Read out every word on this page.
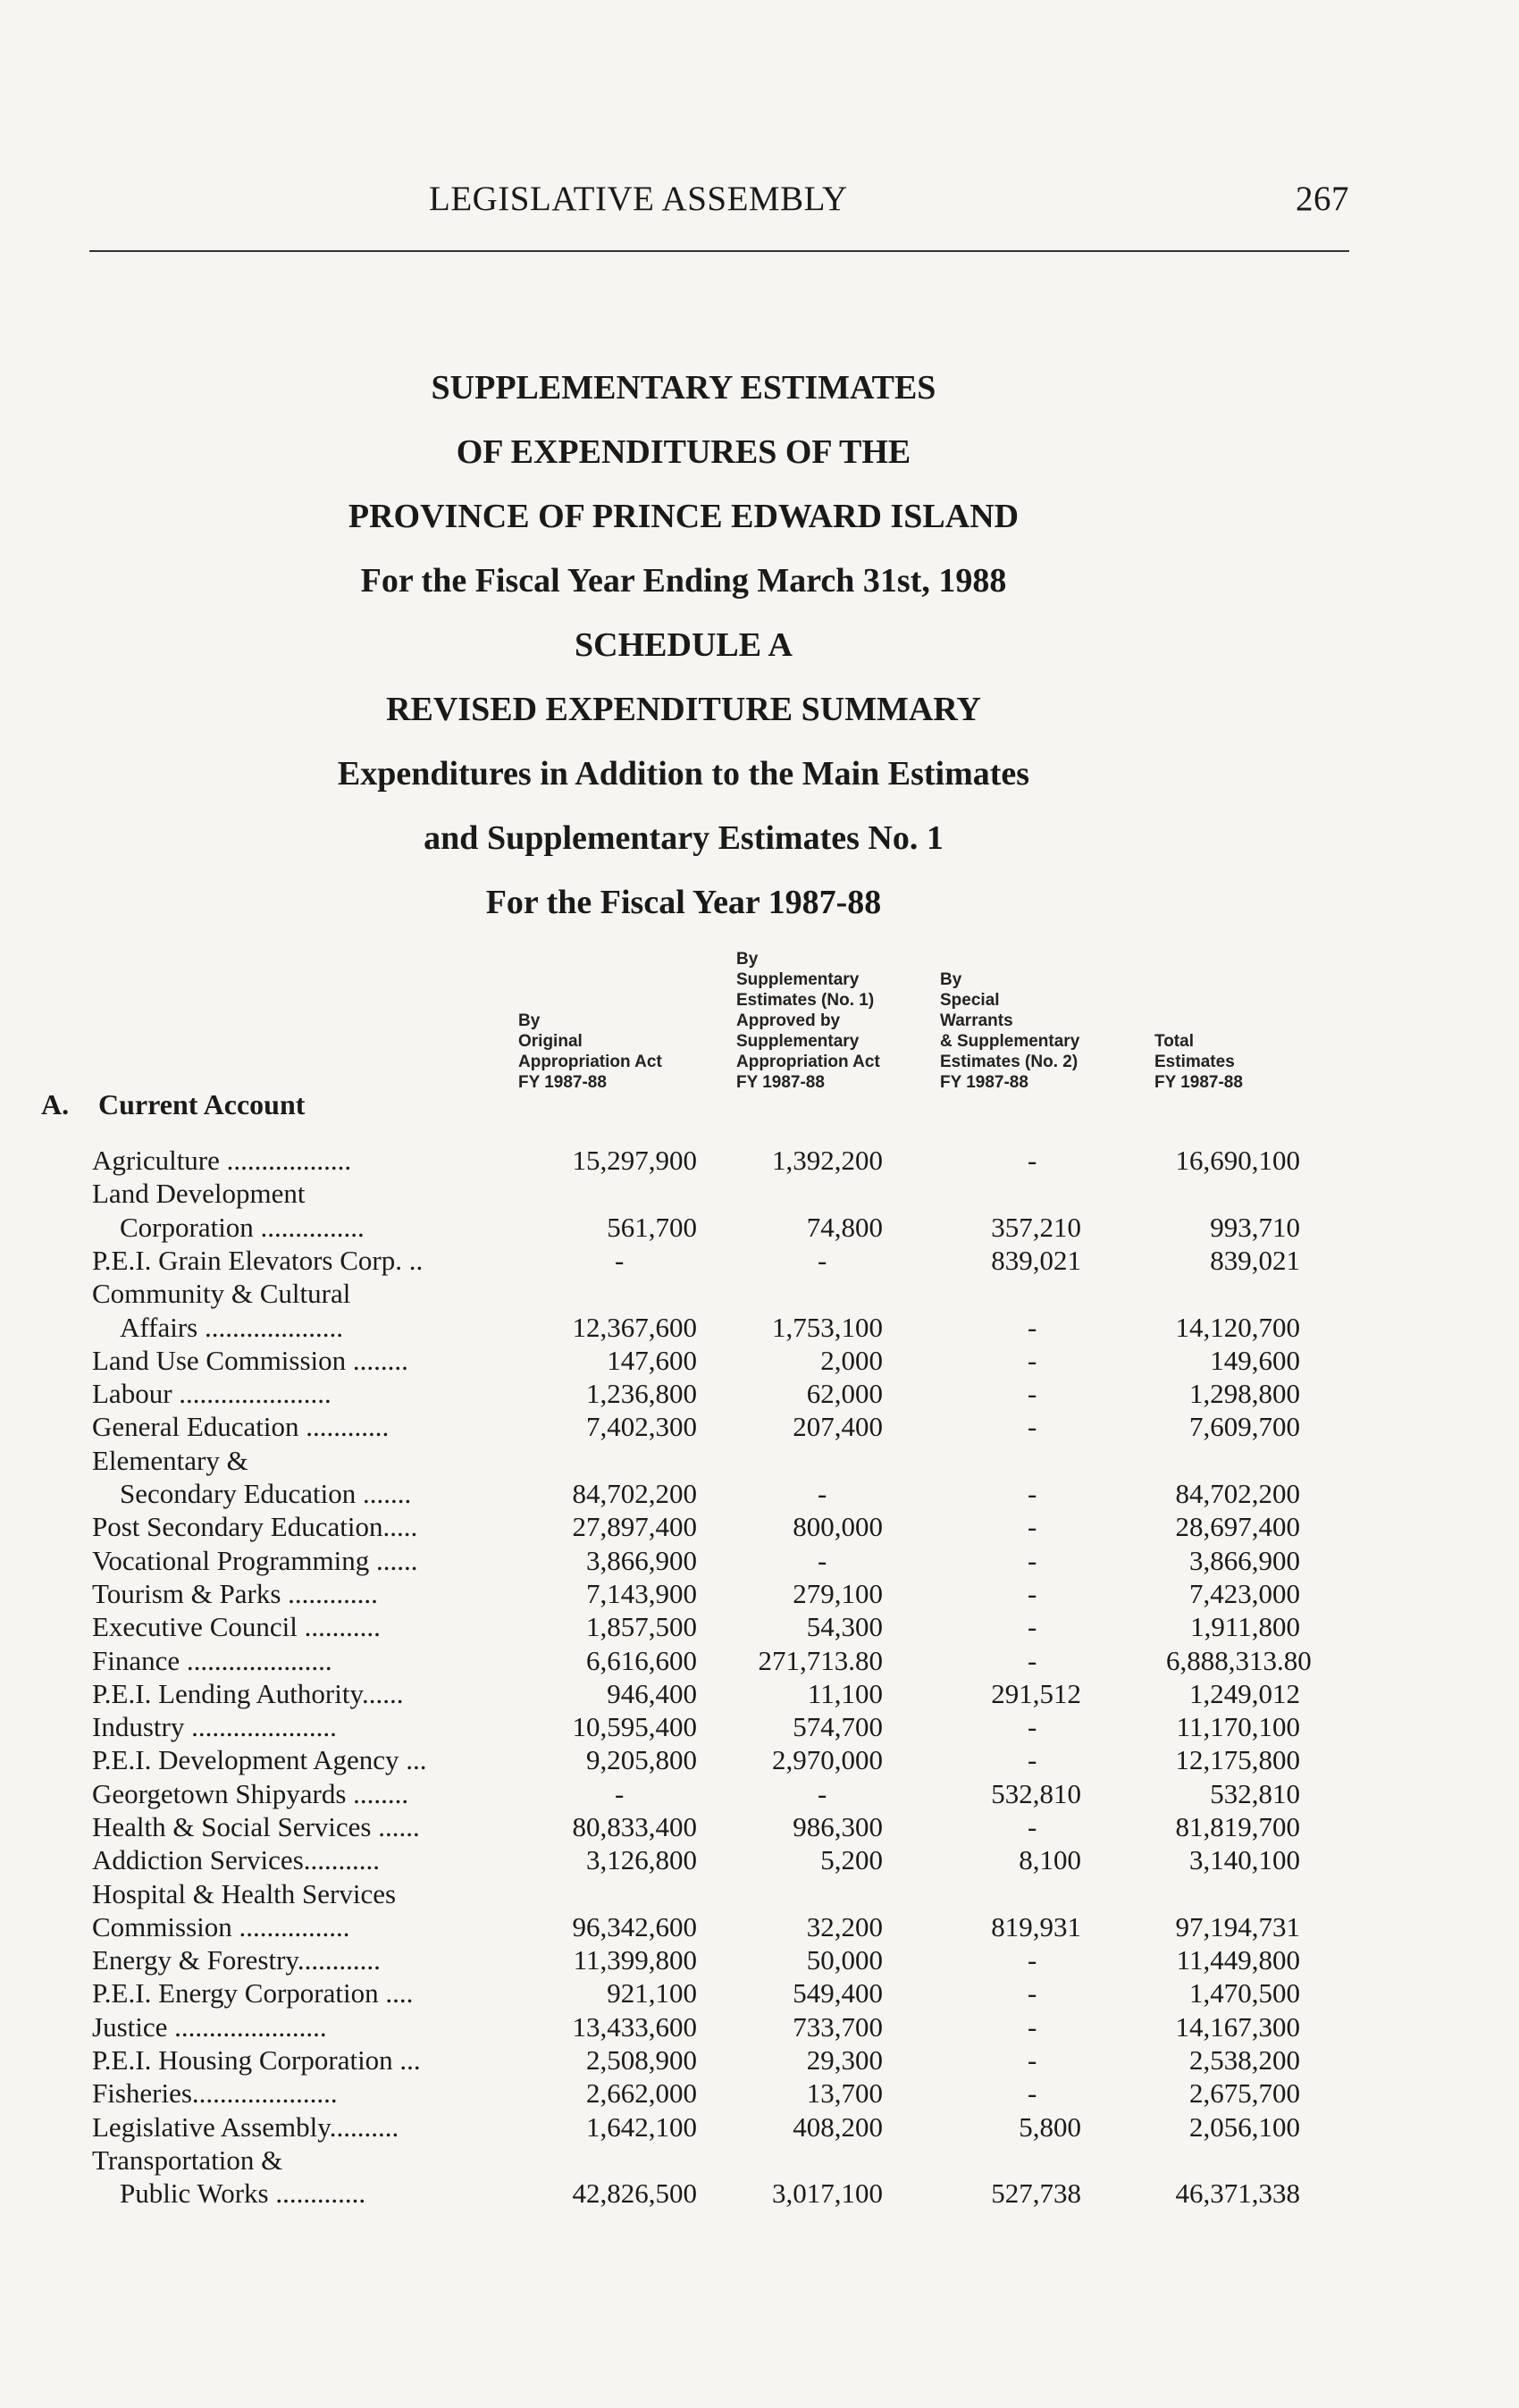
LEGISLATIVE ASSEMBLY	267
SUPPLEMENTARY ESTIMATES
OF EXPENDITURES OF THE
PROVINCE OF PRINCE EDWARD ISLAND
For the Fiscal Year Ending March 31st, 1988
SCHEDULE A
REVISED EXPENDITURE SUMMARY
Expenditures in Addition to the Main Estimates
and Supplementary Estimates No. 1
For the Fiscal Year 1987-88
By
Original
Appropriation Act
FY 1987-88
By
Supplementary
Estimates (No. 1)
Approved by
Supplementary
Appropriation Act
FY 1987-88
By
Special
Warrants
& Supplementary
Estimates (No. 2)
FY 1987-88
Total
Estimates
FY 1987-88
A. Current Account
Agriculture ..................	15,297,900	1,392,200	-	16,690,100
Land Development
Corporation ...............	561,700	74,800	357,210	993,710
P.E.I. Grain Elevators Corp. ..	-	-	839,021	839,021
Community & Cultural
Affairs ....................	12,367,600	1,753,100	-	14,120,700
Land Use Commission ........	147,600	2,000	-	149,600
Labour ......................	1,236,800	62,000	-	1,298,800
General Education ............	7,402,300	207,400	-	7,609,700
Elementary &
Secondary Education .......	84,702,200	-	-	84,702,200
Post Secondary Education.....	27,897,400	800,000	-	28,697,400
Vocational Programming ......	3,866,900	-	-	3,866,900
Tourism & Parks .............	7,143,900	279,100	-	7,423,000
Executive Council ...........	1,857,500	54,300	-	1,911,800
Finance .....................	6,616,600 271,713.80	-	6,888,313.80
P.E.I. Lending Authority......	946,400	11,100	291,512	1,249,012
Industry .....................	10,595,400	574,700	-	11,170,100
P.E.I. Development Agency ...	9,205,800	2,970,000	-	12,175,800
Georgetown Shipyards ........	-	-	532,810	532,810
Health & Social Services ......	80,833,400	986,300	-	81,819,700
Addiction Services...........	3,126,800	5,200	8,100	3,140,100
Hospital & Health Services
Commission ................	96,342,600	32,200	819,931	97,194,731
Energy & Forestry............	11,399,800	50,000	-	11,449,800
P.E.I. Energy Corporation ....	921,100	549,400	-	1,470,500
Justice ......................	13,433,600	733,700	-	14,167,300
P.E.I. Housing Corporation ...	2,508,900	29,300	-	2,538,200
Fisheries.....................	2,662,000	13,700	-	2,675,700
Legislative Assembly..........	1,642,100	408,200	5,800	2,056,100
Transportation &
Public Works .............	42,826,500	3,017,100	527,738	46,371,338
